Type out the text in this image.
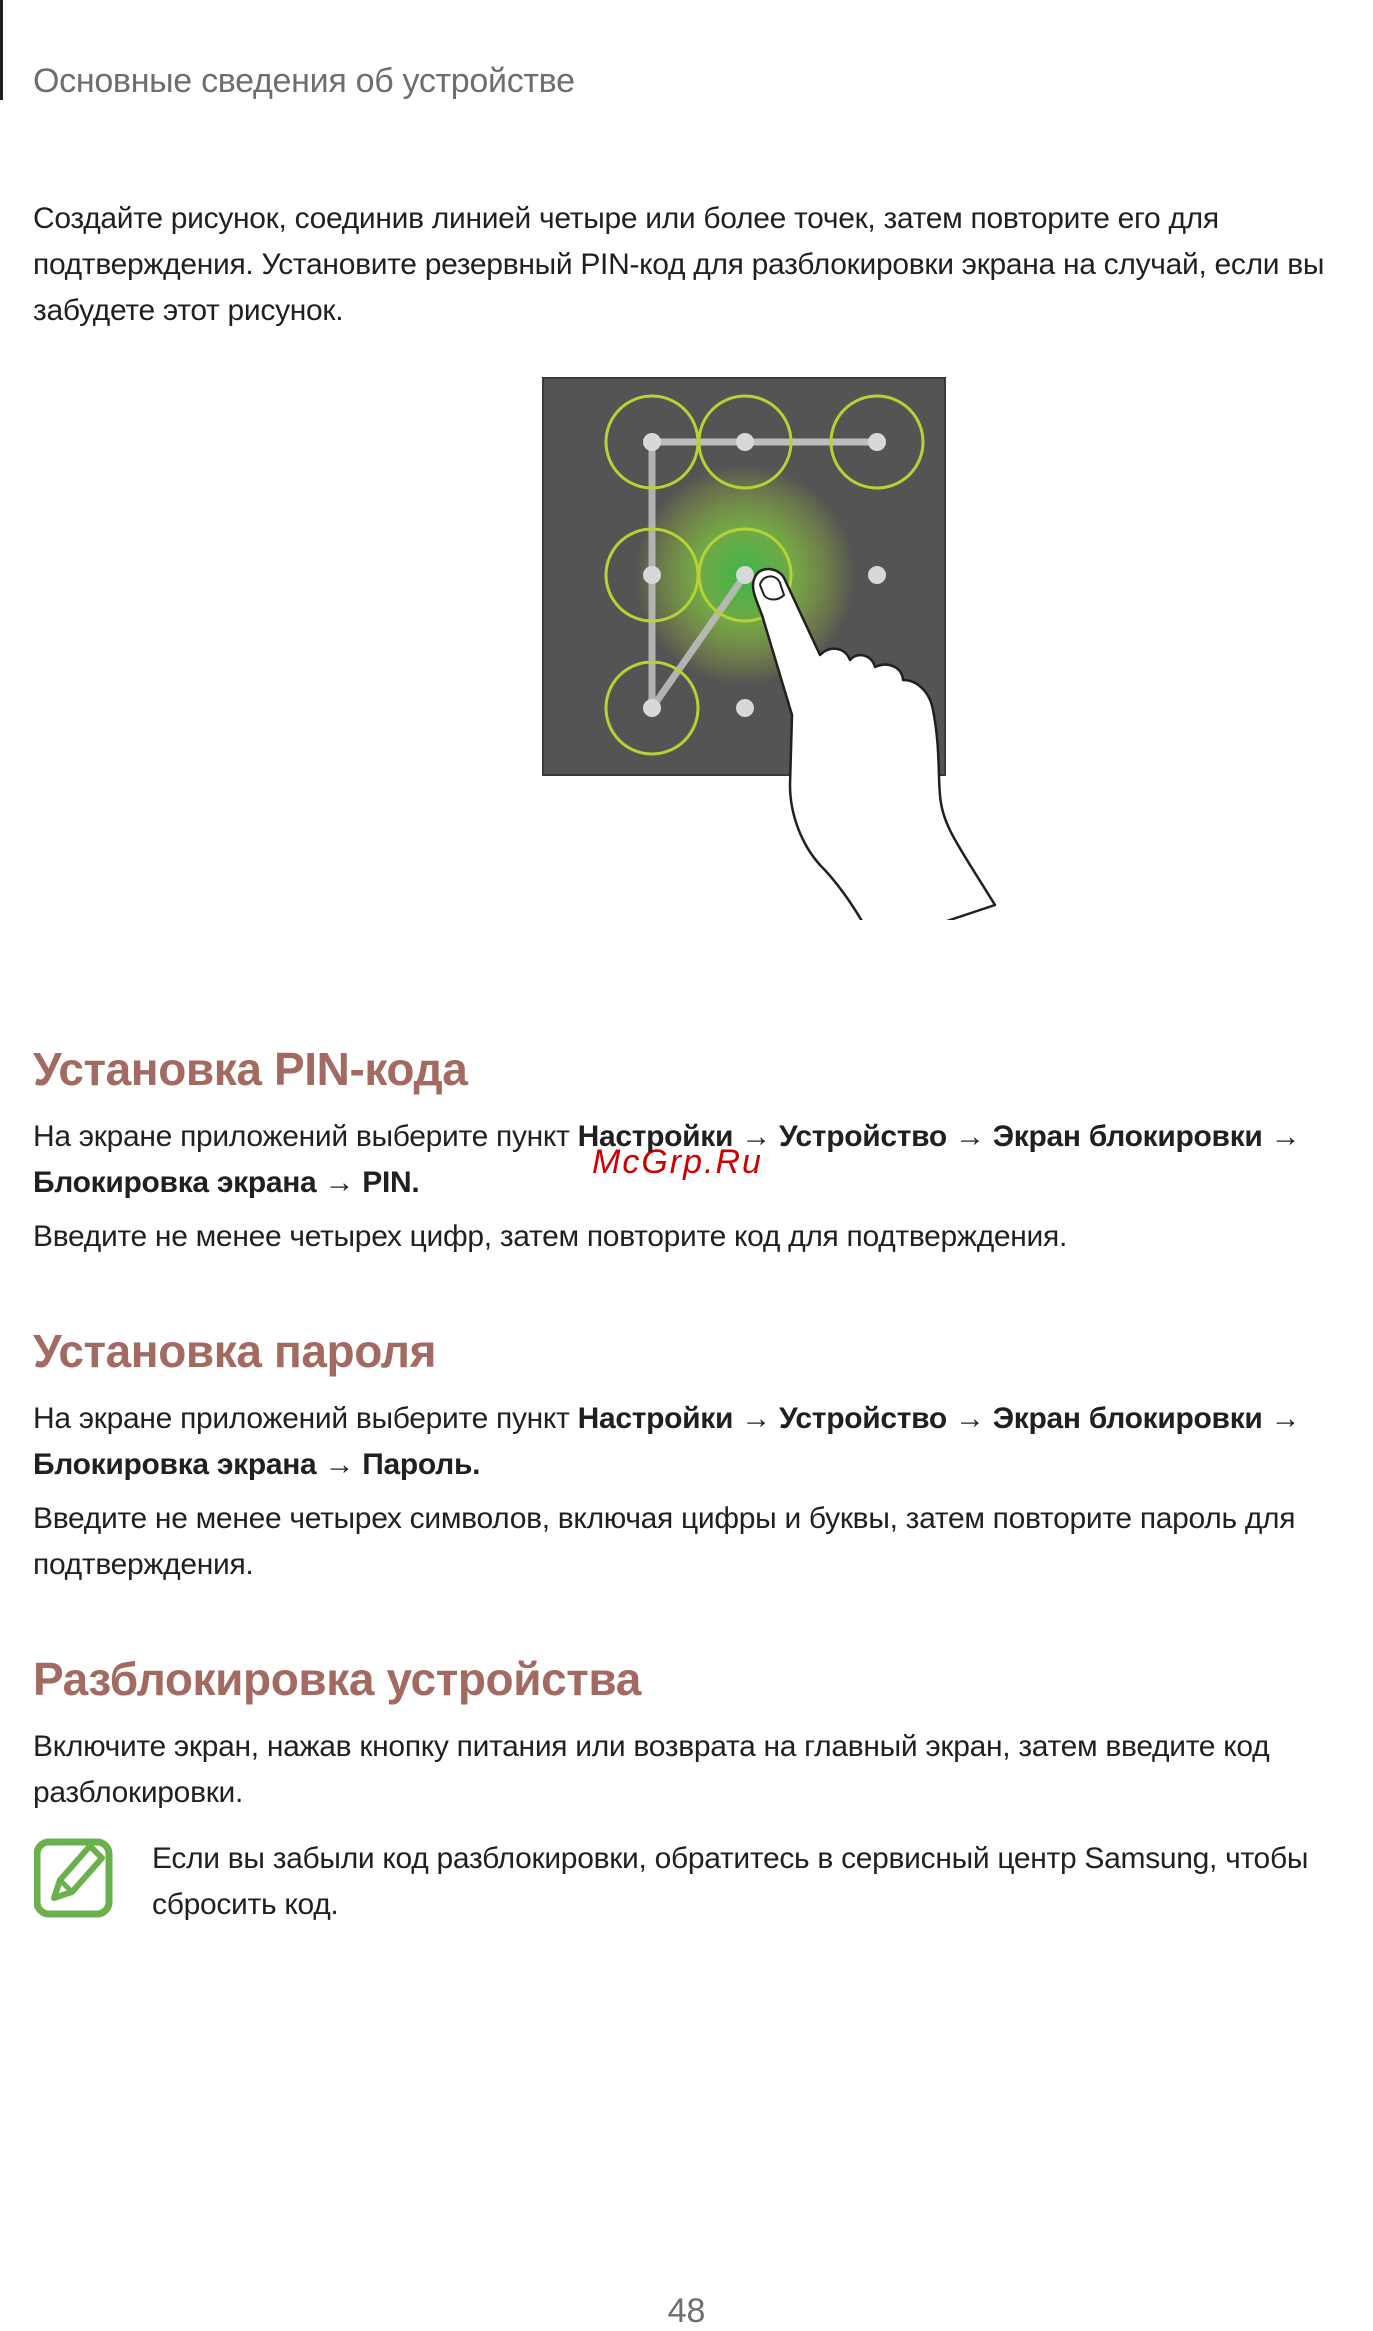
Основные сведения об устройстве

Создайте рисунок, соединив линией четыре или более точек, затем повторите его для
подтверждения. Установите резервный PIN-код для разблокировки экрана на случай, если вы
забудете этот рисунок.

McGrp.Ru
Установка PIN-кода

На экране приложений выберите пункт Настройки → Устройство → Экран блокировки →
Блокировка экрана → PIN.

Введите не менее четырех цифр, затем повторите код для подтверждения.

Установка пароля

На экране приложений выберите пункт Настройки → Устройство → Экран блокировки →
Блокировка экрана → Пароль.

Введите не менее четырех символов, включая цифры и буквы, затем повторите пароль для
подтверждения.

Разблокировка устройства

Включите экран, нажав кнопку питания или возврата на главный экран, затем введите код
разблокировки.

Если вы забыли код разблокировки, обратитесь в сервисный центр Samsung, чтобы
сбросить код.

48
